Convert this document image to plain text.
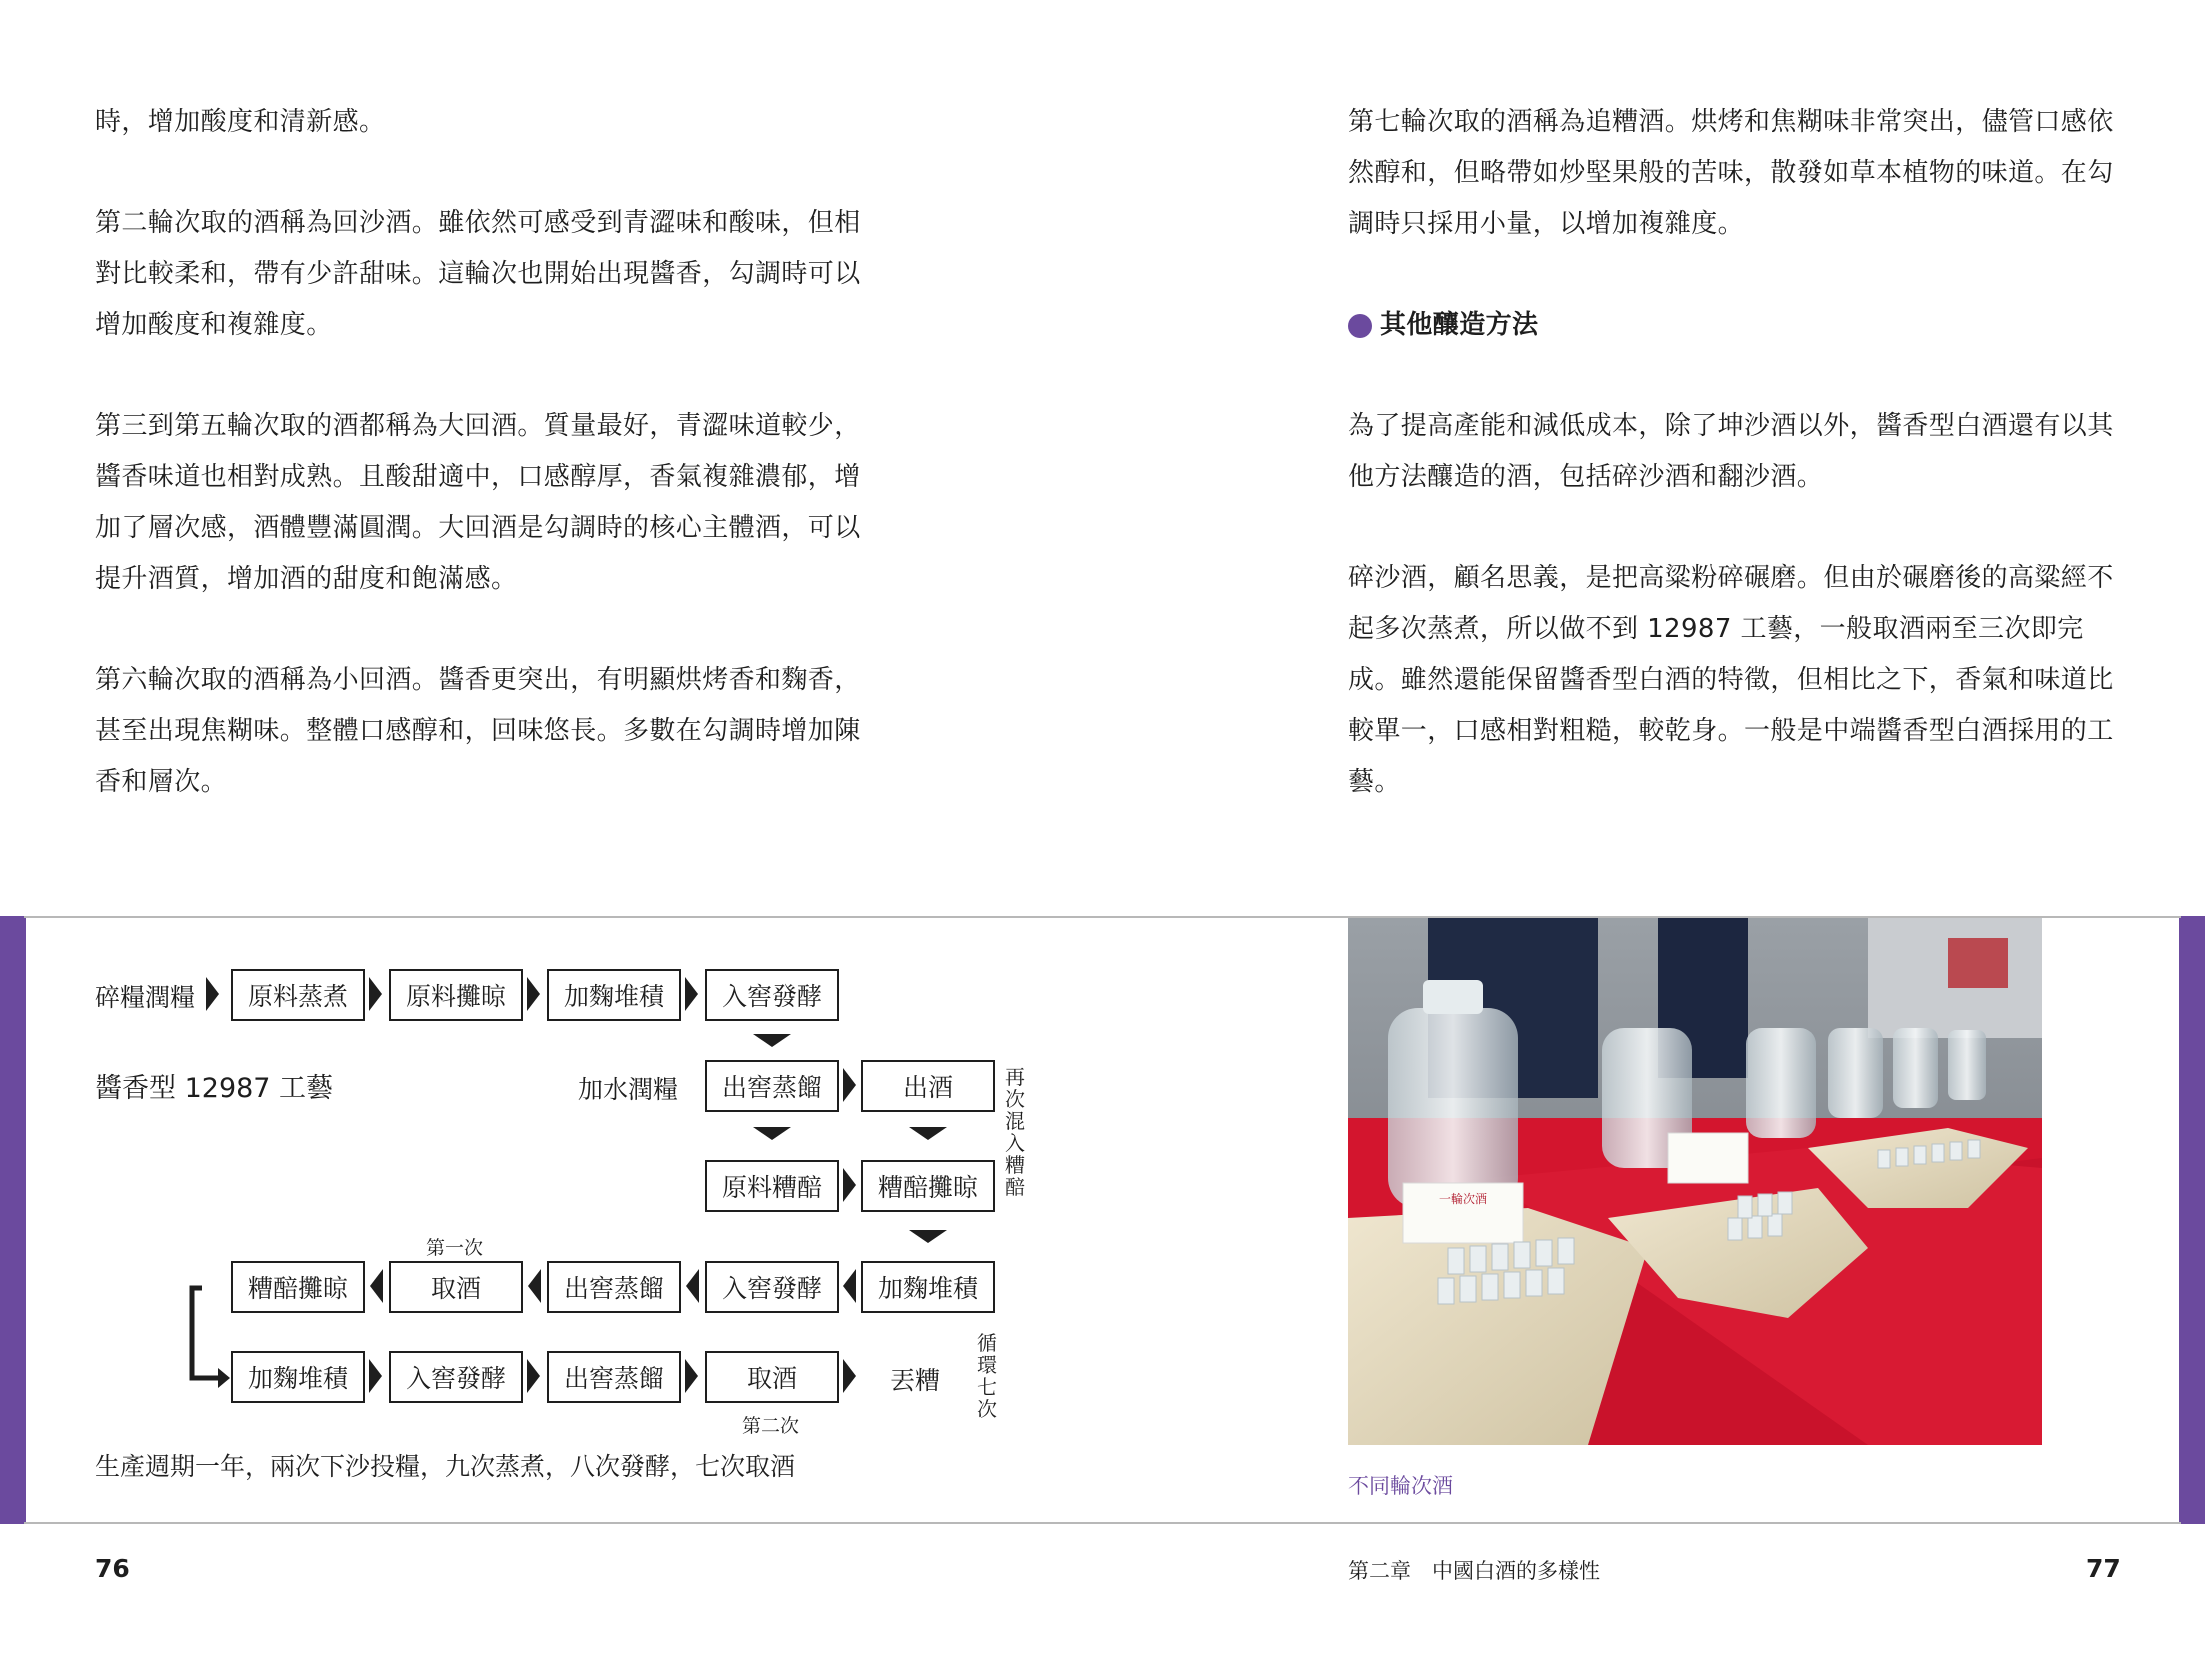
時，增加酸度和清新感。

第二輪次取的酒稱為回沙酒。雖依然可感受到青澀味和酸味，但相對比較柔和，帶有少許甜味。這輪次也開始出現醬香，勾調時可以增加酸度和複雜度。

第三到第五輪次取的酒都稱為大回酒。質量最好，青澀味道較少，醬香味道也相對成熟。且酸甜適中，口感醇厚，香氣複雜濃郁，增加了層次感，酒體豐滿圓潤。大回酒是勾調時的核心主體酒，可以提升酒質，增加酒的甜度和飽滿感。

第六輪次取的酒稱為小回酒。醬香更突出，有明顯烘烤香和麴香，甚至出現焦糊味。整體口感醇和，回味悠長。多數在勾調時增加陳香和層次。

第七輪次取的酒稱為追糟酒。烘烤和焦糊味非常突出，儘管口感依然醇和，但略帶如炒堅果般的苦味，散發如草本植物的味道。在勾調時只採用小量，以增加複雜度。

其他釀造方法

為了提高產能和減低成本，除了坤沙酒以外，醬香型白酒還有以其他方法釀造的酒，包括碎沙酒和翻沙酒。

碎沙酒，顧名思義，是把高粱粉碎碾磨。但由於碾磨後的高粱經不起多次蒸煮，所以做不到 12987 工藝，一般取酒兩至三次即完成。雖然還能保留醬香型白酒的特徵，但相比之下，香氣和味道比較單一，口感相對粗糙，較乾身。一般是中端醬香型白酒採用的工藝。

碎糧潤糧	原料蒸煮	原料攤晾	加麴堆積	入窖發酵
醬香型 12987 工藝	加水潤糧	出窖蒸餾	出酒	再次混入糟醅
原料糟醅	糟醅攤晾
第一次
糟醅攤晾	取酒	出窖蒸餾	入窖發酵	加麴堆積
加麴堆積	入窖發酵	出窖蒸餾	取酒	丟糟
循環七次
第二次
生產週期一年，兩次下沙投糧，九次蒸煮，八次發酵，七次取酒
一輪次酒
不同輪次酒
76	第二章　中國白酒的多樣性	77
